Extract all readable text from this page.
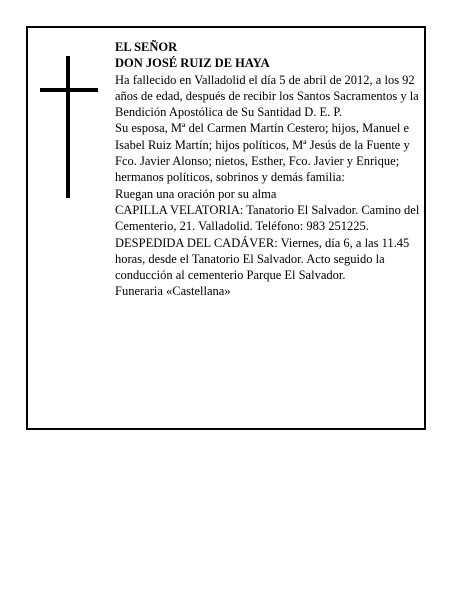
EL SEÑOR

DON JOSÉ RUIZ DE HAYA

Ha fallecido en Valladolid el día 5 de abril de 2012, a los 92 años de edad, después de recibir los Santos Sacramentos y la Bendición Apostólica de Su Santidad D. E. P.

Su esposa, Mª del Carmen Martín Cestero; hijos, Manuel e Isabel Ruiz Martín; hijos políticos, Mª Jesús de la Fuente y Fco. Javier Alonso; nietos, Esther, Fco. Javier y Enrique; hermanos políticos, sobrinos y demás familia:

Ruegan una oración por su alma

CAPILLA VELATORIA: Tanatorio El Salvador. Camino del Cementerio, 21. Valladolid. Teléfono: 983 251225.

DESPEDIDA DEL CADÁVER: Viernes, día 6, a las 11.45 horas, desde el Tanatorio El Salvador. Acto seguido la conducción al cementerio Parque El Salvador.

Funeraria «Castellana»
